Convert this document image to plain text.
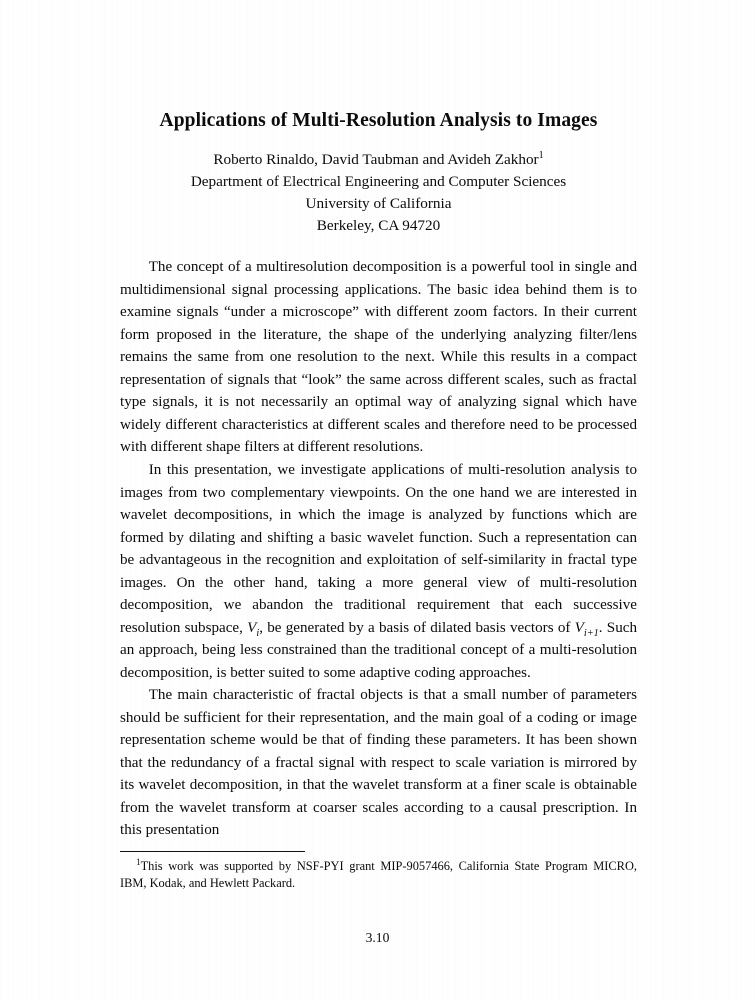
Applications of Multi-Resolution Analysis to Images
Roberto Rinaldo, David Taubman and Avideh Zakhor$^1$
Department of Electrical Engineering and Computer Sciences
University of California
Berkeley, CA 94720

The concept of a multiresolution decomposition is a powerful tool in single and multidimensional signal processing applications. The basic idea behind them is to examine signals “under a microscope” with different zoom factors. In their current form proposed in the literature, the shape of the underlying analyzing filter/lens remains the same from one resolution to the next. While this results in a compact representation of signals that “look” the same across different scales, such as fractal type signals, it is not necessarily an optimal way of analyzing signal which have widely different characteristics at different scales and therefore need to be processed with different shape filters at different resolutions.

In this presentation, we investigate applications of multi-resolution analysis to images from two complementary viewpoints. On the one hand we are interested in wavelet decompositions, in which the image is analyzed by functions which are formed by dilating and shifting a basic wavelet function. Such a representation can be advantageous in the recognition and exploitation of self-similarity in fractal type images. On the other hand, taking a more general view of multi-resolution decomposition, we abandon the traditional requirement that each successive resolution subspace, $V_i$, be generated by a basis of dilated basis vectors of $V_{i+1}$. Such an approach, being less constrained than the traditional concept of a multi-resolution decomposition, is better suited to some adaptive coding approaches.

The main characteristic of fractal objects is that a small number of parameters should be sufficient for their representation, and the main goal of a coding or image representation scheme would be that of finding these parameters. It has been shown that the redundancy of a fractal signal with respect to scale variation is mirrored by its wavelet decomposition, in that the wavelet transform at a finer scale is obtainable from the wavelet transform at coarser scales according to a causal prescription. In this presentation

$^1$This work was supported by NSF-PYI grant MIP-9057466, California State Program MICRO, IBM, Kodak, and Hewlett Packard.

3.10
